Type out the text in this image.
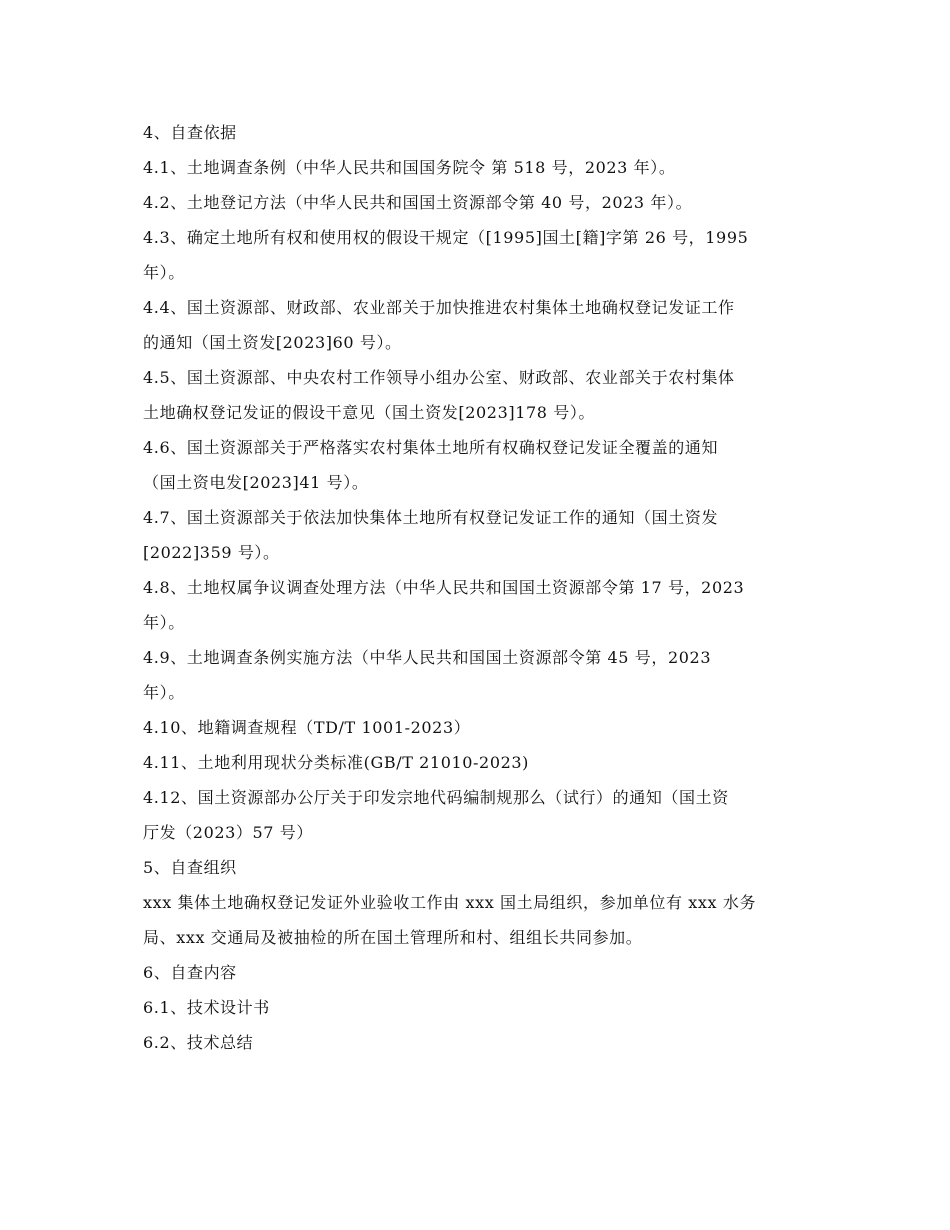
4、自查依据
4.1、土地调查条例（中华人民共和国国务院令 第 518 号，2023 年）。
4.2、土地登记方法（中华人民共和国国土资源部令第 40 号，2023 年）。
4.3、确定土地所有权和使用权的假设干规定（[1995]国土[籍]字第 26 号，1995
年）。
4.4、国土资源部、财政部、农业部关于加快推进农村集体土地确权登记发证工作
的通知（国土资发[2023]60 号）。
4.5、国土资源部、中央农村工作领导小组办公室、财政部、农业部关于农村集体
土地确权登记发证的假设干意见（国土资发[2023]178 号）。
4.6、国土资源部关于严格落实农村集体土地所有权确权登记发证全覆盖的通知
（国土资电发[2023]41 号）。
4.7、国土资源部关于依法加快集体土地所有权登记发证工作的通知（国土资发
[2022]359 号）。
4.8、土地权属争议调查处理方法（中华人民共和国国土资源部令第 17 号，2023
年）。
4.9、土地调查条例实施方法（中华人民共和国国土资源部令第 45 号，2023
年）。
4.10、地籍调查规程（TD/T 1001-2023）
4.11、土地利用现状分类标准(GB/T 21010-2023)
4.12、国土资源部办公厅关于印发宗地代码编制规那么（试行）的通知（国土资
厅发（2023）57 号）
5、自查组织
xxx 集体土地确权登记发证外业验收工作由 xxx 国土局组织，参加单位有 xxx 水务
局、xxx 交通局及被抽检的所在国土管理所和村、组组长共同参加。
6、自查内容
6.1、技术设计书
6.2、技术总结
